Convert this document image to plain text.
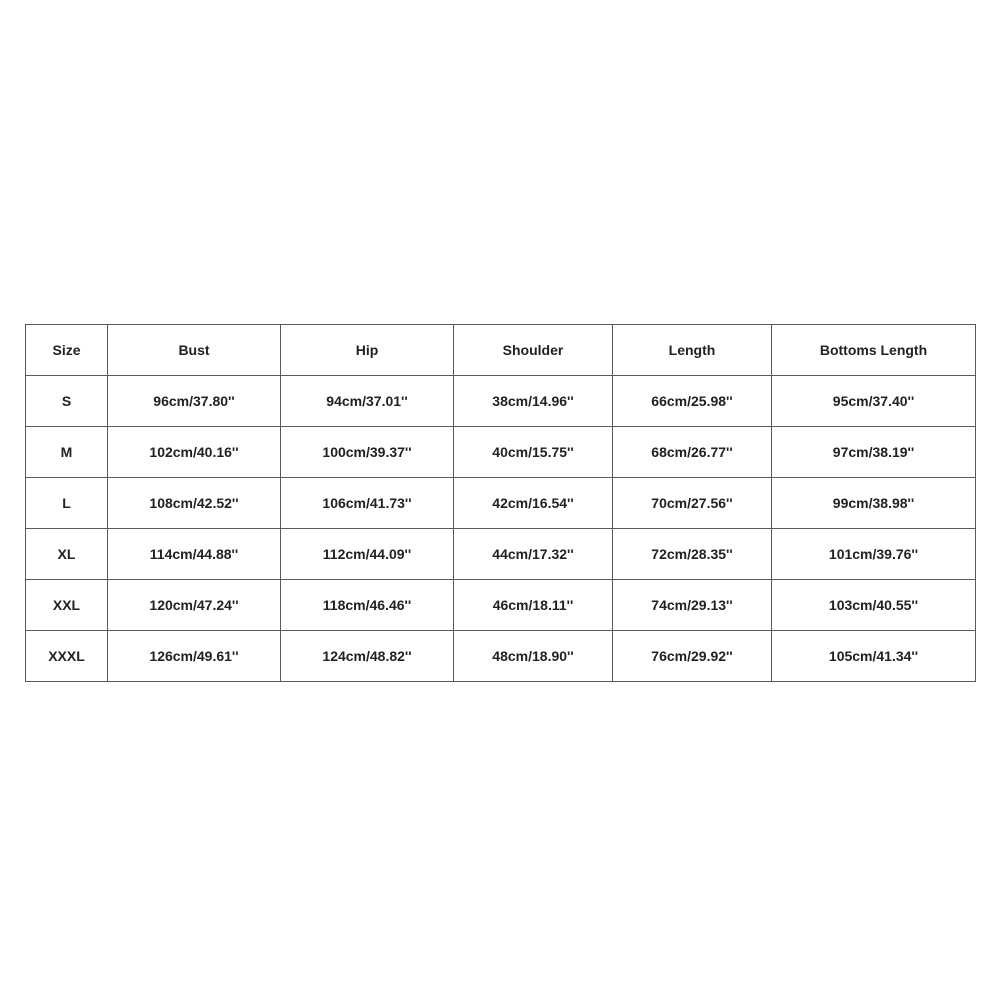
Size	Bust	Hip	Shoulder	Length	Bottoms Length
S	96cm/37.80''	94cm/37.01''	38cm/14.96''	66cm/25.98''	95cm/37.40''
M	102cm/40.16''	100cm/39.37''	40cm/15.75''	68cm/26.77''	97cm/38.19''
L	108cm/42.52''	106cm/41.73''	42cm/16.54''	70cm/27.56''	99cm/38.98''
XL	114cm/44.88''	112cm/44.09''	44cm/17.32''	72cm/28.35''	101cm/39.76''
XXL	120cm/47.24''	118cm/46.46''	46cm/18.11''	74cm/29.13''	103cm/40.55''
XXXL	126cm/49.61''	124cm/48.82''	48cm/18.90''	76cm/29.92''	105cm/41.34''
